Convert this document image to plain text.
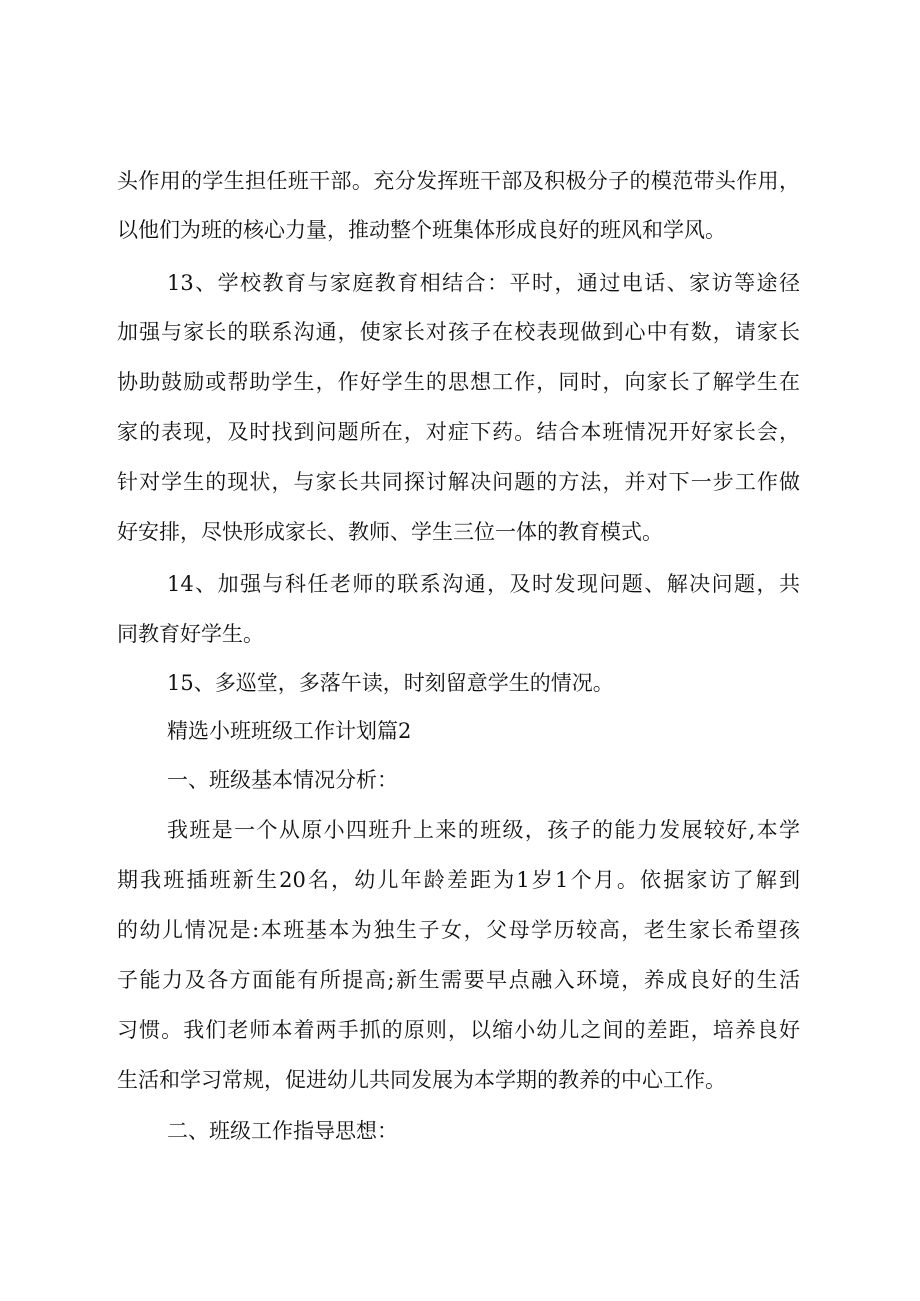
头作用的学生担任班干部。充分发挥班干部及积极分子的模范带头作用，
以他们为班的核心力量，推动整个班集体形成良好的班风和学风。
13、学校教育与家庭教育相结合：平时，通过电话、家访等途径
加强与家长的联系沟通，使家长对孩子在校表现做到心中有数，请家长
协助鼓励或帮助学生，作好学生的思想工作，同时，向家长了解学生在
家的表现，及时找到问题所在，对症下药。结合本班情况开好家长会，
针对学生的现状，与家长共同探讨解决问题的方法，并对下一步工作做
好安排，尽快形成家长、教师、学生三位一体的教育模式。
14、加强与科任老师的联系沟通，及时发现问题、解决问题，共
同教育好学生。
15、多巡堂，多落午读，时刻留意学生的情况。
精选小班班级工作计划篇2
一、班级基本情况分析：
我班是一个从原小四班升上来的班级，孩子的能力发展较好,本学
期我班插班新生20名，幼儿年龄差距为1岁1个月。依据家访了解到
的幼儿情况是:本班基本为独生子女，父母学历较高，老生家长希望孩
子能力及各方面能有所提高;新生需要早点融入环境，养成良好的生活
习惯。我们老师本着两手抓的原则，以缩小幼儿之间的差距，培养良好
生活和学习常规，促进幼儿共同发展为本学期的教养的中心工作。
二、班级工作指导思想：
